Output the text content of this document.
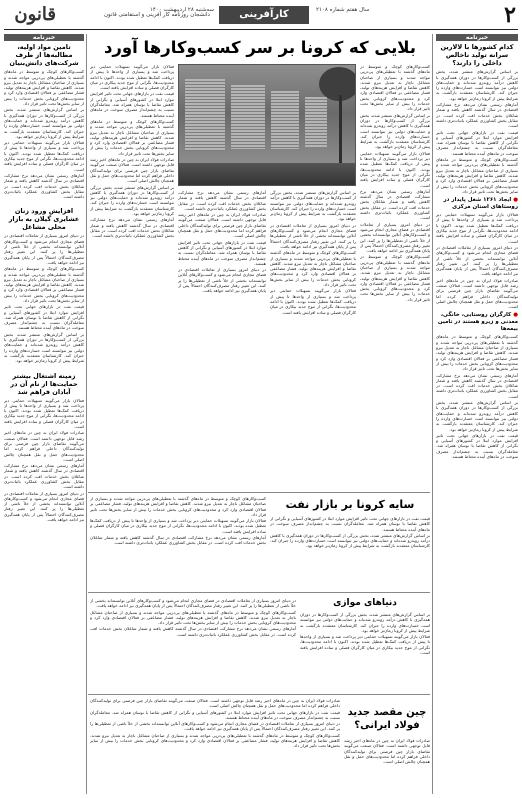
قانون	سه‌شنبه ۲۸ اردیبهشت ۱۴۰۰	کارآفرینی	سال هفتم شماره ۲۱۰۸	۲
دانشجان روزنامه کار آفرینی و استقامتی قانون
خبرنامه
تامین مواد اولیه، مطالبه‌ها از طرف شرکت‌های دانش‌بنیان

کسب‌وکارهای کوچک و متوسط در ماه‌های گذشته با تعطیلی‌های پی‌درپی مواجه شدند و بسیاری از صاحبان مشاغل ناچار به تعدیل نیرو شدند. کاهش تقاضا و افزایش هزینه‌های تولید، فشار مضاعفی بر فعالان اقتصادی وارد کرد و محدودیت‌های کرونایی بخش خدمات را بیش از سایر بخش‌ها تحت تاثیر قرار داد.

بر اساس گزارش‌های منتشر شده، بخش بزرگی از کسب‌وکارها در دوران همه‌گیری با کاهش درآمد روبه‌رو شده‌اند و حمایت‌های دولتی نیز نتوانسته است خسارت‌های وارده را جبران کند. کارشناسان معتقدند بازگشت به شرایط پیش از کرونا زمان‌بر خواهد بود.

فعالان بازار می‌گویند تسهیلات حمایتی دیر پرداخت شد و بسیاری از واحدها تا پیش از دریافت کمک‌ها تعطیل شده بودند. اکنون با ادامه محدودیت‌ها، نگرانی از موج جدید بیکاری در میان کارگران فصلی و ساده افزایش یافته است.

آمارهای رسمی نشان می‌دهد نرخ مشارکت اقتصادی در سال گذشته کاهش یافته و شمار شاغلان بخش خدمات افت کرده است. در مقابل بخش کشاورزی عملکرد باثبات‌تری داشته است.

افزایش ورود زنان عشایری گیلان به بازار محلی مشاغل

در دنیای امروز بسیاری از تعاملات اقتصادی در فضای مجازی انجام می‌شود و کسب‌وکارهای آنلاین توانسته‌اند بخشی از خلأ ناشی از تعطیلی‌ها را پر کنند. این تغییر رفتار مصرف‌کنندگان احتمالاً پس از پایان همه‌گیری نیز ادامه خواهد یافت.

کسب‌وکارهای کوچک و متوسط در ماه‌های گذشته با تعطیلی‌های پی‌درپی مواجه شدند و بسیاری از صاحبان مشاغل ناچار به تعدیل نیرو شدند. کاهش تقاضا و افزایش هزینه‌های تولید، فشار مضاعفی بر فعالان اقتصادی وارد کرد و محدودیت‌های کرونایی بخش خدمات را بیش از سایر بخش‌ها تحت تاثیر قرار داد.

قیمت نفت در بازارهای جهانی تحت تاثیر افزایش موارد ابتلا در کشورهای آسیایی و نگرانی از کاهش تقاضا با نوسان همراه شد. معامله‌گران نسبت به چشم‌انداز مصرف سوخت در ماه‌های آینده محتاط هستند.

بر اساس گزارش‌های منتشر شده، بخش بزرگی از کسب‌وکارها در دوران همه‌گیری با کاهش درآمد روبه‌رو شده‌اند و حمایت‌های دولتی نیز نتوانسته است خسارت‌های وارده را جبران کند. کارشناسان معتقدند بازگشت به شرایط پیش از کرونا زمان‌بر خواهد بود.

زمینه اشتغال بیشتر حمایت‌ها از نام آن در آبادان فراهم شد

فعالان بازار می‌گویند تسهیلات حمایتی دیر پرداخت شد و بسیاری از واحدها تا پیش از دریافت کمک‌ها تعطیل شده بودند. اکنون با ادامه محدودیت‌ها، نگرانی از موج جدید بیکاری در میان کارگران فصلی و ساده افزایش یافته است.

صادرات فولاد ایران به چین در ماه‌های اخیر رشد قابل توجهی داشته است. فعالان صنعت می‌گویند تقاضای بازار چین فرصتی برای تولیدکنندگان داخلی فراهم کرده اما محدودیت‌های حمل و نقل همچنان چالش اصلی است.

آمارهای رسمی نشان می‌دهد نرخ مشارکت اقتصادی در سال گذشته کاهش یافته و شمار شاغلان بخش خدمات افت کرده است. در مقابل بخش کشاورزی عملکرد باثبات‌تری داشته است.

در دنیای امروز بسیاری از تعاملات اقتصادی در فضای مجازی انجام می‌شود و کسب‌وکارهای آنلاین توانسته‌اند بخشی از خلأ ناشی از تعطیلی‌ها را پر کنند. این تغییر رفتار مصرف‌کنندگان احتمالاً پس از پایان همه‌گیری نیز ادامه خواهد یافت.

خبرنامه
کدام کشورها با لالارین سرانه تولید ناخالص داخلی را دارند؟

بر اساس گزارش‌های منتشر شده، بخش بزرگی از کسب‌وکارها در دوران همه‌گیری با کاهش درآمد روبه‌رو شده‌اند و حمایت‌های دولتی نیز نتوانسته است خسارت‌های وارده را جبران کند. کارشناسان معتقدند بازگشت به شرایط پیش از کرونا زمان‌بر خواهد بود.

آمارهای رسمی نشان می‌دهد نرخ مشارکت اقتصادی در سال گذشته کاهش یافته و شمار شاغلان بخش خدمات افت کرده است. در مقابل بخش کشاورزی عملکرد باثبات‌تری داشته است.

قیمت نفت در بازارهای جهانی تحت تاثیر افزایش موارد ابتلا در کشورهای آسیایی و نگرانی از کاهش تقاضا با نوسان همراه شد. معامله‌گران نسبت به چشم‌انداز مصرف سوخت در ماه‌های آینده محتاط هستند.

کسب‌وکارهای کوچک و متوسط در ماه‌های گذشته با تعطیلی‌های پی‌درپی مواجه شدند و بسیاری از صاحبان مشاغل ناچار به تعدیل نیرو شدند. کاهش تقاضا و افزایش هزینه‌های تولید، فشار مضاعفی بر فعالان اقتصادی وارد کرد و محدودیت‌های کرونایی بخش خدمات را بیش از سایر بخش‌ها تحت تاثیر قرار داد.

● ایجاد ۱۲۶۱ شغل پایدار در روستاهای استان مرکزی

فعالان بازار می‌گویند تسهیلات حمایتی دیر پرداخت شد و بسیاری از واحدها تا پیش از دریافت کمک‌ها تعطیل شده بودند. اکنون با ادامه محدودیت‌ها، نگرانی از موج جدید بیکاری در میان کارگران فصلی و ساده افزایش یافته است.

در دنیای امروز بسیاری از تعاملات اقتصادی در فضای مجازی انجام می‌شود و کسب‌وکارهای آنلاین توانسته‌اند بخشی از خلأ ناشی از تعطیلی‌ها را پر کنند. این تغییر رفتار مصرف‌کنندگان احتمالاً پس از پایان همه‌گیری نیز ادامه خواهد یافت.

صادرات فولاد ایران به چین در ماه‌های اخیر رشد قابل توجهی داشته است. فعالان صنعت می‌گویند تقاضای بازار چین فرصتی برای تولیدکنندگان داخلی فراهم کرده اما محدودیت‌های حمل و نقل همچنان چالش اصلی است.

● کارگران روستایی، خانگی، معدنی و زیرو هستند در تامین بیمه‌ها

کسب‌وکارهای کوچک و متوسط در ماه‌های گذشته با تعطیلی‌های پی‌درپی مواجه شدند و بسیاری از صاحبان مشاغل ناچار به تعدیل نیرو شدند. کاهش تقاضا و افزایش هزینه‌های تولید، فشار مضاعفی بر فعالان اقتصادی وارد کرد و محدودیت‌های کرونایی بخش خدمات را بیش از سایر بخش‌ها تحت تاثیر قرار داد.

آمارهای رسمی نشان می‌دهد نرخ مشارکت اقتصادی در سال گذشته کاهش یافته و شمار شاغلان بخش خدمات افت کرده است. در مقابل بخش کشاورزی عملکرد باثبات‌تری داشته است.

بر اساس گزارش‌های منتشر شده، بخش بزرگی از کسب‌وکارها در دوران همه‌گیری با کاهش درآمد روبه‌رو شده‌اند و حمایت‌های دولتی نیز نتوانسته است خسارت‌های وارده را جبران کند. کارشناسان معتقدند بازگشت به شرایط پیش از کرونا زمان‌بر خواهد بود.

قیمت نفت در بازارهای جهانی تحت تاثیر افزایش موارد ابتلا در کشورهای آسیایی و نگرانی از کاهش تقاضا با نوسان همراه شد. معامله‌گران نسبت به چشم‌انداز مصرف سوخت در ماه‌های آینده محتاط هستند.

بلایی که کرونا بر سر کسب‌وکارها آورد

کسب‌وکارهای کوچک و متوسط در ماه‌های گذشته با تعطیلی‌های پی‌درپی مواجه شدند و بسیاری از صاحبان مشاغل ناچار به تعدیل نیرو شدند. کاهش تقاضا و افزایش هزینه‌های تولید، فشار مضاعفی بر فعالان اقتصادی وارد کرد و محدودیت‌های کرونایی بخش خدمات را بیش از سایر بخش‌ها تحت تاثیر قرار داد.

بر اساس گزارش‌های منتشر شده، بخش بزرگی از کسب‌وکارها در دوران همه‌گیری با کاهش درآمد روبه‌رو شده‌اند و حمایت‌های دولتی نیز نتوانسته است خسارت‌های وارده را جبران کند. کارشناسان معتقدند بازگشت به شرایط پیش از کرونا زمان‌بر خواهد بود.

فعالان بازار می‌گویند تسهیلات حمایتی دیر پرداخت شد و بسیاری از واحدها تا پیش از دریافت کمک‌ها تعطیل شده بودند. اکنون با ادامه محدودیت‌ها، نگرانی از موج جدید بیکاری در میان کارگران فصلی و ساده افزایش یافته است.

آمارهای رسمی نشان می‌دهد نرخ مشارکت اقتصادی در سال گذشته کاهش یافته و شمار شاغلان بخش خدمات افت کرده است. در مقابل بخش کشاورزی عملکرد باثبات‌تری داشته است.

در دنیای امروز بسیاری از تعاملات اقتصادی در فضای مجازی انجام می‌شود و کسب‌وکارهای آنلاین توانسته‌اند بخشی از خلأ ناشی از تعطیلی‌ها را پر کنند. این تغییر رفتار مصرف‌کنندگان احتمالاً پس از پایان همه‌گیری نیز ادامه خواهد یافت.

کسب‌وکارهای کوچک و متوسط در ماه‌های گذشته با تعطیلی‌های پی‌درپی مواجه شدند و بسیاری از صاحبان مشاغل ناچار به تعدیل نیرو شدند. کاهش تقاضا و افزایش هزینه‌های تولید، فشار مضاعفی بر فعالان اقتصادی وارد کرد و محدودیت‌های کرونایی بخش خدمات را بیش از سایر بخش‌ها تحت تاثیر قرار داد.

فعالان بازار می‌گویند تسهیلات حمایتی دیر پرداخت شد و بسیاری از واحدها تا پیش از دریافت کمک‌ها تعطیل شده بودند. اکنون با ادامه محدودیت‌ها، نگرانی از موج جدید بیکاری در میان کارگران فصلی و ساده افزایش یافته است.

قیمت نفت در بازارهای جهانی تحت تاثیر افزایش موارد ابتلا در کشورهای آسیایی و نگرانی از کاهش تقاضا با نوسان همراه شد. معامله‌گران نسبت به چشم‌انداز مصرف سوخت در ماه‌های آینده محتاط هستند.

کسب‌وکارهای کوچک و متوسط در ماه‌های گذشته با تعطیلی‌های پی‌درپی مواجه شدند و بسیاری از صاحبان مشاغل ناچار به تعدیل نیرو شدند. کاهش تقاضا و افزایش هزینه‌های تولید، فشار مضاعفی بر فعالان اقتصادی وارد کرد و محدودیت‌های کرونایی بخش خدمات را بیش از سایر بخش‌ها تحت تاثیر قرار داد.

صادرات فولاد ایران به چین در ماه‌های اخیر رشد قابل توجهی داشته است. فعالان صنعت می‌گویند تقاضای بازار چین فرصتی برای تولیدکنندگان داخلی فراهم کرده اما محدودیت‌های حمل و نقل همچنان چالش اصلی است.

بر اساس گزارش‌های منتشر شده، بخش بزرگی از کسب‌وکارها در دوران همه‌گیری با کاهش درآمد روبه‌رو شده‌اند و حمایت‌های دولتی نیز نتوانسته است خسارت‌های وارده را جبران کند. کارشناسان معتقدند بازگشت به شرایط پیش از کرونا زمان‌بر خواهد بود.

آمارهای رسمی نشان می‌دهد نرخ مشارکت اقتصادی در سال گذشته کاهش یافته و شمار شاغلان بخش خدمات افت کرده است. در مقابل بخش کشاورزی عملکرد باثبات‌تری داشته است.

بر اساس گزارش‌های منتشر شده، بخش بزرگی از کسب‌وکارها در دوران همه‌گیری با کاهش درآمد روبه‌رو شده‌اند و حمایت‌های دولتی نیز نتوانسته است خسارت‌های وارده را جبران کند. کارشناسان معتقدند بازگشت به شرایط پیش از کرونا زمان‌بر خواهد بود.

در دنیای امروز بسیاری از تعاملات اقتصادی در فضای مجازی انجام می‌شود و کسب‌وکارهای آنلاین توانسته‌اند بخشی از خلأ ناشی از تعطیلی‌ها را پر کنند. این تغییر رفتار مصرف‌کنندگان احتمالاً پس از پایان همه‌گیری نیز ادامه خواهد یافت.

کسب‌وکارهای کوچک و متوسط در ماه‌های گذشته با تعطیلی‌های پی‌درپی مواجه شدند و بسیاری از صاحبان مشاغل ناچار به تعدیل نیرو شدند. کاهش تقاضا و افزایش هزینه‌های تولید، فشار مضاعفی بر فعالان اقتصادی وارد کرد و محدودیت‌های کرونایی بخش خدمات را بیش از سایر بخش‌ها تحت تاثیر قرار داد.

فعالان بازار می‌گویند تسهیلات حمایتی دیر پرداخت شد و بسیاری از واحدها تا پیش از دریافت کمک‌ها تعطیل شده بودند. اکنون با ادامه محدودیت‌ها، نگرانی از موج جدید بیکاری در میان کارگران فصلی و ساده افزایش یافته است.

آمارهای رسمی نشان می‌دهد نرخ مشارکت اقتصادی در سال گذشته کاهش یافته و شمار شاغلان بخش خدمات افت کرده است. در مقابل بخش کشاورزی عملکرد باثبات‌تری داشته است.

صادرات فولاد ایران به چین در ماه‌های اخیر رشد قابل توجهی داشته است. فعالان صنعت می‌گویند تقاضای بازار چین فرصتی برای تولیدکنندگان داخلی فراهم کرده اما محدودیت‌های حمل و نقل همچنان چالش اصلی است.

قیمت نفت در بازارهای جهانی تحت تاثیر افزایش موارد ابتلا در کشورهای آسیایی و نگرانی از کاهش تقاضا با نوسان همراه شد. معامله‌گران نسبت به چشم‌انداز مصرف سوخت در ماه‌های آینده محتاط هستند.

در دنیای امروز بسیاری از تعاملات اقتصادی در فضای مجازی انجام می‌شود و کسب‌وکارهای آنلاین توانسته‌اند بخشی از خلأ ناشی از تعطیلی‌ها را پر کنند. این تغییر رفتار مصرف‌کنندگان احتمالاً پس از پایان همه‌گیری نیز ادامه خواهد یافت.

سایه کرونا بر بازار نفت

قیمت نفت در بازارهای جهانی تحت تاثیر افزایش موارد ابتلا در کشورهای آسیایی و نگرانی از کاهش تقاضا با نوسان همراه شد. معامله‌گران نسبت به چشم‌انداز مصرف سوخت در ماه‌های آینده محتاط هستند.

بر اساس گزارش‌های منتشر شده، بخش بزرگی از کسب‌وکارها در دوران همه‌گیری با کاهش درآمد روبه‌رو شده‌اند و حمایت‌های دولتی نیز نتوانسته است خسارت‌های وارده را جبران کند. کارشناسان معتقدند بازگشت به شرایط پیش از کرونا زمان‌بر خواهد بود.

کسب‌وکارهای کوچک و متوسط در ماه‌های گذشته با تعطیلی‌های پی‌درپی مواجه شدند و بسیاری از صاحبان مشاغل ناچار به تعدیل نیرو شدند. کاهش تقاضا و افزایش هزینه‌های تولید، فشار مضاعفی بر فعالان اقتصادی وارد کرد و محدودیت‌های کرونایی بخش خدمات را بیش از سایر بخش‌ها تحت تاثیر قرار داد.

فعالان بازار می‌گویند تسهیلات حمایتی دیر پرداخت شد و بسیاری از واحدها تا پیش از دریافت کمک‌ها تعطیل شده بودند. اکنون با ادامه محدودیت‌ها، نگرانی از موج جدید بیکاری در میان کارگران فصلی و ساده افزایش یافته است.

آمارهای رسمی نشان می‌دهد نرخ مشارکت اقتصادی در سال گذشته کاهش یافته و شمار شاغلان بخش خدمات افت کرده است. در مقابل بخش کشاورزی عملکرد باثبات‌تری داشته است.

دنیاهای موازی

در دنیای امروز بسیاری از تعاملات اقتصادی در فضای مجازی انجام می‌شود و کسب‌وکارهای آنلاین توانسته‌اند بخشی از خلأ ناشی از تعطیلی‌ها را پر کنند. این تغییر رفتار مصرف‌کنندگان احتمالاً پس از پایان همه‌گیری نیز ادامه خواهد یافت.

کسب‌وکارهای کوچک و متوسط در ماه‌های گذشته با تعطیلی‌های پی‌درپی مواجه شدند و بسیاری از صاحبان مشاغل ناچار به تعدیل نیرو شدند. کاهش تقاضا و افزایش هزینه‌های تولید، فشار مضاعفی بر فعالان اقتصادی وارد کرد و محدودیت‌های کرونایی بخش خدمات را بیش از سایر بخش‌ها تحت تاثیر قرار داد.

آمارهای رسمی نشان می‌دهد نرخ مشارکت اقتصادی در سال گذشته کاهش یافته و شمار شاغلان بخش خدمات افت کرده است. در مقابل بخش کشاورزی عملکرد باثبات‌تری داشته است.

بر اساس گزارش‌های منتشر شده، بخش بزرگی از کسب‌وکارها در دوران همه‌گیری با کاهش درآمد روبه‌رو شده‌اند و حمایت‌های دولتی نیز نتوانسته است خسارت‌های وارده را جبران کند. کارشناسان معتقدند بازگشت به شرایط پیش از کرونا زمان‌بر خواهد بود.

فعالان بازار می‌گویند تسهیلات حمایتی دیر پرداخت شد و بسیاری از واحدها تا پیش از دریافت کمک‌ها تعطیل شده بودند. اکنون با ادامه محدودیت‌ها، نگرانی از موج جدید بیکاری در میان کارگران فصلی و ساده افزایش یافته است.

چین مقصد جدید
فولاد ایرانی؟

صادرات فولاد ایران به چین در ماه‌های اخیر رشد قابل توجهی داشته است. فعالان صنعت می‌گویند تقاضای بازار چین فرصتی برای تولیدکنندگان داخلی فراهم کرده اما محدودیت‌های حمل و نقل همچنان چالش اصلی است.

صادرات فولاد ایران به چین در ماه‌های اخیر رشد قابل توجهی داشته است. فعالان صنعت می‌گویند تقاضای بازار چین فرصتی برای تولیدکنندگان داخلی فراهم کرده اما محدودیت‌های حمل و نقل همچنان چالش اصلی است.

قیمت نفت در بازارهای جهانی تحت تاثیر افزایش موارد ابتلا در کشورهای آسیایی و نگرانی از کاهش تقاضا با نوسان همراه شد. معامله‌گران نسبت به چشم‌انداز مصرف سوخت در ماه‌های آینده محتاط هستند.

در دنیای امروز بسیاری از تعاملات اقتصادی در فضای مجازی انجام می‌شود و کسب‌وکارهای آنلاین توانسته‌اند بخشی از خلأ ناشی از تعطیلی‌ها را پر کنند. این تغییر رفتار مصرف‌کنندگان احتمالاً پس از پایان همه‌گیری نیز ادامه خواهد یافت.

کسب‌وکارهای کوچک و متوسط در ماه‌های گذشته با تعطیلی‌های پی‌درپی مواجه شدند و بسیاری از صاحبان مشاغل ناچار به تعدیل نیرو شدند. کاهش تقاضا و افزایش هزینه‌های تولید، فشار مضاعفی بر فعالان اقتصادی وارد کرد و محدودیت‌های کرونایی بخش خدمات را بیش از سایر بخش‌ها تحت تاثیر قرار داد.
